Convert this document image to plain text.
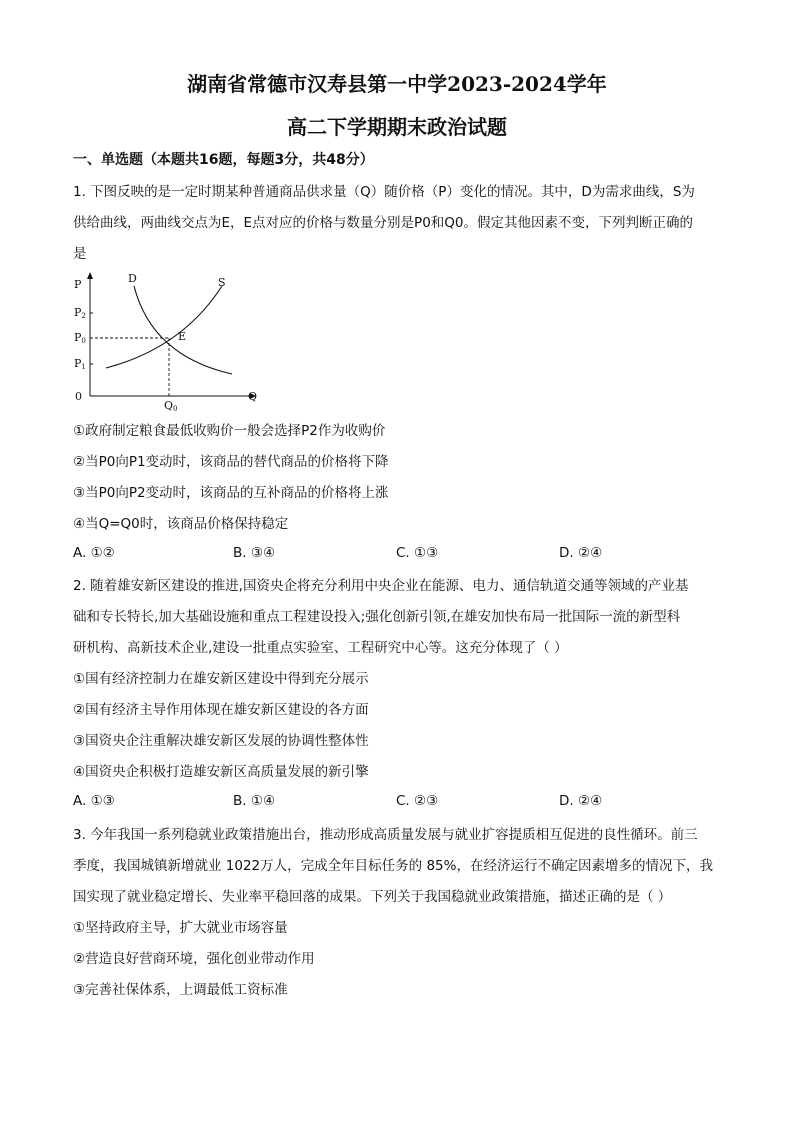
湖南省常德市汉寿县第一中学2023-2024学年
高二下学期期末政治试题
一、单选题（本题共16题，每题3分，共48分）
1. 下图反映的是一定时期某种普通商品供求量（Q）随价格（P）变化的情况。其中，D为需求曲线，S为
供给曲线，两曲线交点为E，E点对应的价格与数量分别是P0和Q0。假定其他因素不变，下列判断正确的
是
P
P2
P0
P1
0
Q0
Q
D	S
E
①政府制定粮食最低收购价一般会选择P2作为收购价
②当P0向P1变动时，该商品的替代商品的价格将下降
③当P0向P2变动时，该商品的互补商品的价格将上涨
④当Q=Q0时，该商品价格保持稳定
A. ①②	B. ③④	C. ①③	D. ②④
2. 随着雄安新区建设的推进,国资央企将充分利用中央企业在能源、电力、通信轨道交通等领域的产业基
础和专长特长,加大基础设施和重点工程建设投入;强化创新引领,在雄安加快布局一批国际一流的新型科
研机构、高新技术企业,建设一批重点实验室、工程研究中心等。这充分体现了（ ）
①国有经济控制力在雄安新区建设中得到充分展示
②国有经济主导作用体现在雄安新区建设的各方面
③国资央企注重解决雄安新区发展的协调性整体性
④国资央企积极打造雄安新区高质量发展的新引擎
A. ①③	B. ①④	C. ②③	D. ②④
3. 今年我国一系列稳就业政策措施出台，推动形成高质量发展与就业扩容提质相互促进的良性循环。前三
季度，我国城镇新增就业 1022万人，完成全年目标任务的 85%，在经济运行不确定因素增多的情况下，我
国实现了就业稳定增长、失业率平稳回落的成果。下列关于我国稳就业政策措施，描述正确的是（ ）
①坚持政府主导，扩大就业市场容量
②营造良好营商环境，强化创业带动作用
③完善社保体系，上调最低工资标准
